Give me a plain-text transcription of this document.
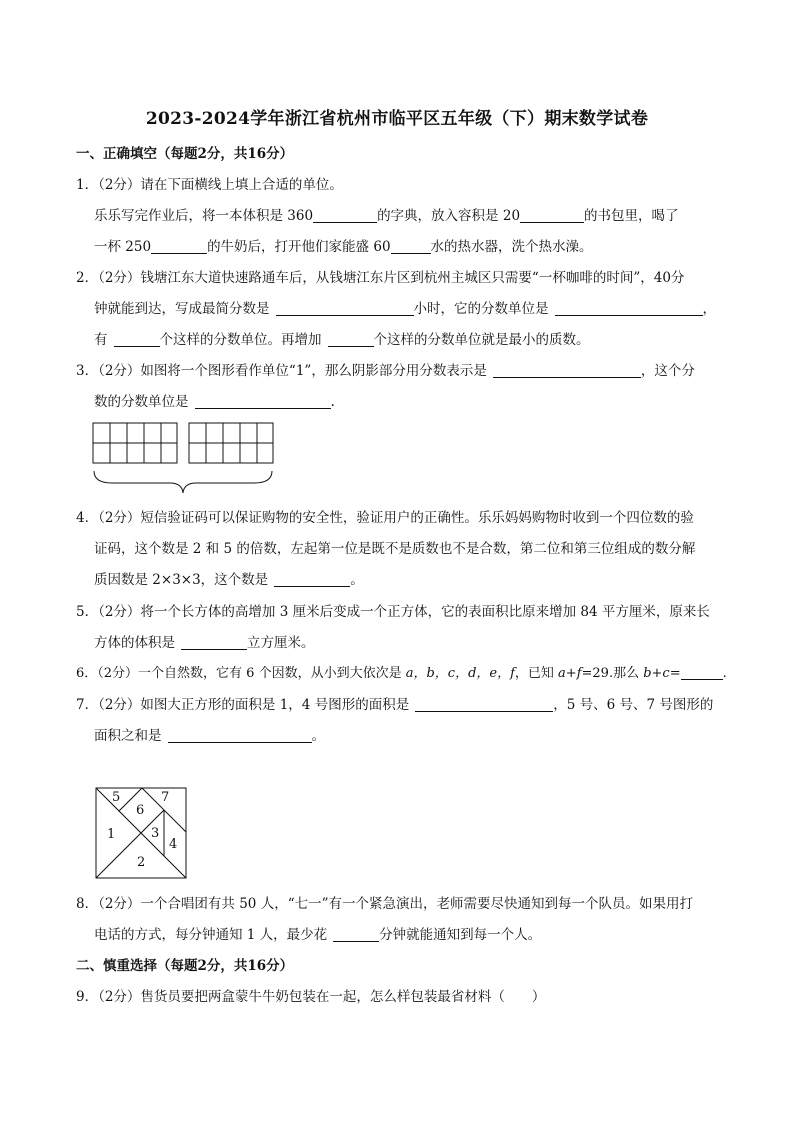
2023-2024学年浙江省杭州市临平区五年级（下）期末数学试卷
一、正确填空（每题2分，共16分）
1．（2分）请在下面横线上填上合适的单位。
乐乐写完作业后，将一本体积是 360	的字典，放入容积是 20	的书包里，喝了
一杯 250	的牛奶后，打开他们家能盛 60	水的热水器，洗个热水澡。
2．（2分）钱塘江东大道快速路通车后，从钱塘江东片区到杭州主城区只需要“一杯咖啡的时间”，40分
钟就能到达，写成最简分数是	小时，它的分数单位是	，
有	个这样的分数单位。再增加	个这样的分数单位就是最小的质数。
3．（2分）如图将一个图形看作单位“1”，那么阴影部分用分数表示是	，这个分
数的分数单位是	.
4．（2分）短信验证码可以保证购物的安全性，验证用户的正确性。乐乐妈妈购物时收到一个四位数的验
证码，这个数是 2 和 5 的倍数，左起第一位是既不是质数也不是合数，第二位和第三位组成的数分解
质因数是 2×3×3，这个数是	。
5．（2分）将一个长方体的高增加 3 厘米后变成一个正方体，它的表面积比原来增加 84 平方厘米，原来长
方体的体积是	立方厘米。
6．（2分）一个自然数，它有 6 个因数，从小到大依次是 a，b，c，d，e，f，已知 a+f=29.那么 b+c=	.
7．（2分）如图大正方形的面积是 1，4 号图形的面积是	，5 号、6 号、7 号图形的
面积之和是	。
1
2
3
4
5
6
7
8．（2分）一个合唱团有共 50 人，“七一”有一个紧急演出，老师需要尽快通知到每一个队员。如果用打
电话的方式，每分钟通知 1 人，最少花	分钟就能通知到每一个人。
二、慎重选择（每题2分，共16分）
9．（2分）售货员要把两盒蒙牛牛奶包装在一起，怎么样包装最省材料（　　）
